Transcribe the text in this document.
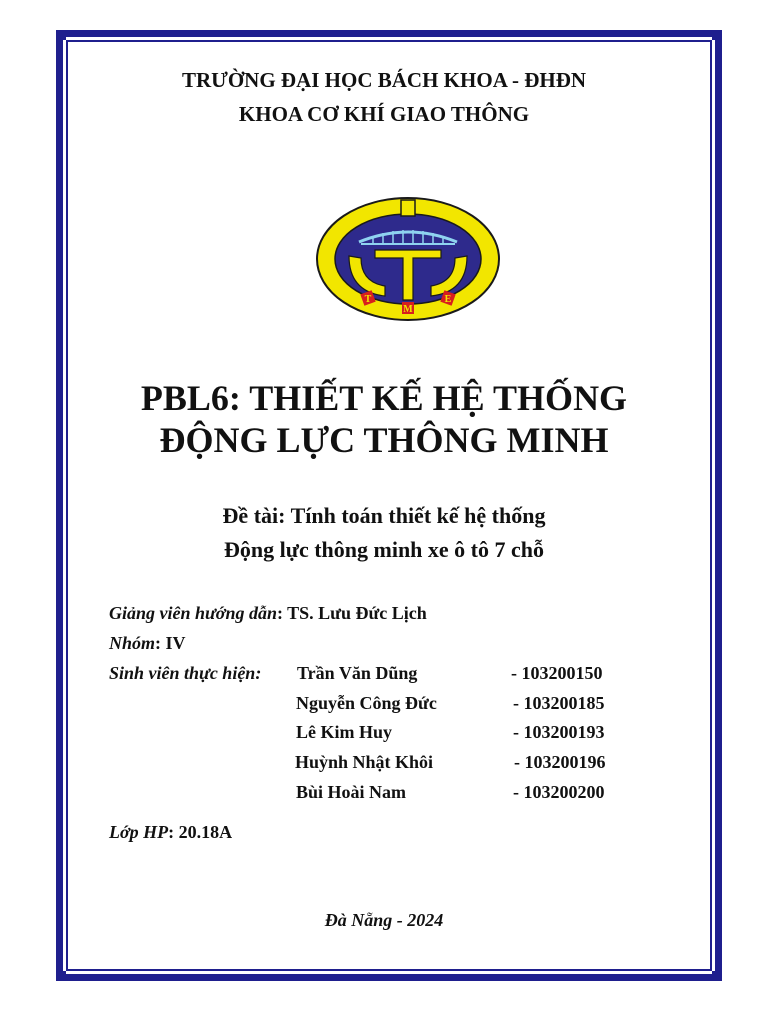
TRƯỜNG ĐẠI HỌC BÁCH KHOA - ĐHĐN

KHOA CƠ KHÍ GIAO THÔNG

T
M
E

PBL6: THIẾT KẾ HỆ THỐNG

ĐỘNG LỰC THÔNG MINH

Đề tài: Tính toán thiết kế hệ thống

Động lực thông minh xe ô tô 7 chỗ

Giảng viên hướng dẫn: TS. Lưu Đức Lịch

Nhóm: IV

Sinh viên thực hiện: Trần Văn Dũng	- 103200150
Nguyễn Công Đức	- 103200185
Lê Kim Huy	- 103200193
Huỳnh Nhật Khôi	- 103200196
Bùi Hoài Nam	- 103200200

Lớp HP: 20.18A

Đà Nẵng - 2024
